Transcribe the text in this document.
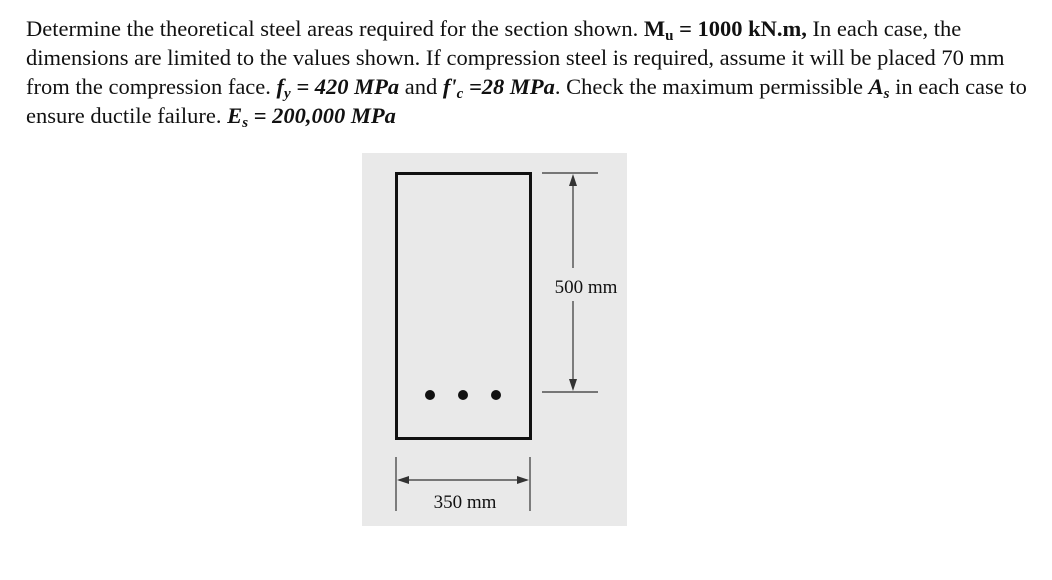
Determine the theoretical steel areas required for the section shown. $M_u = 1000$ kN.m, In each case, the dimensions are limited to the values shown. If compression steel is required, assume it will be placed 70 mm from the compression face. $f_y = 420$ MPa and $f'_c =28$ MPa. Check the maximum permissible $A_s$ in each case to ensure ductile failure. $E_s = 200,000$ MPa
500 mm
350 mm
